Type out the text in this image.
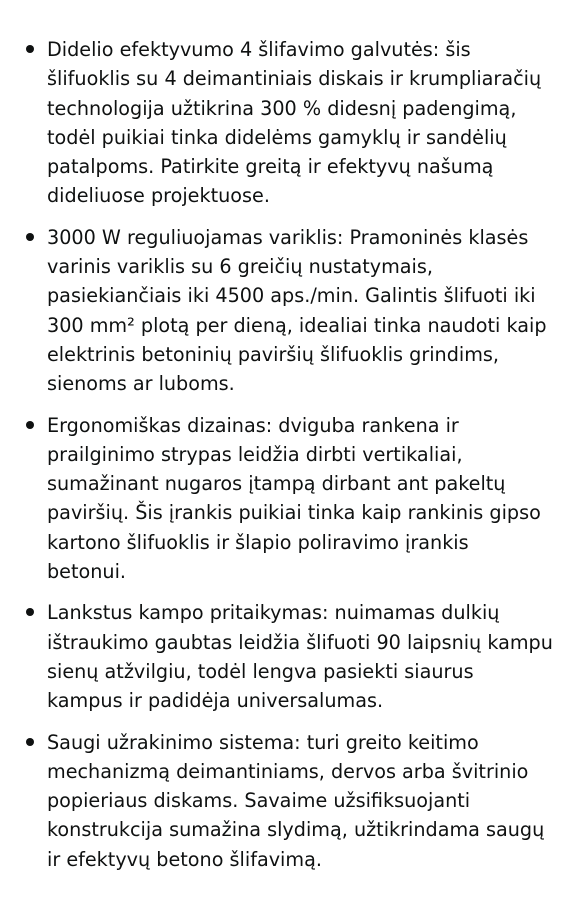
Didelio efektyvumo 4 šlifavimo galvutės: šis šlifuoklis su 4 deimantiniais diskais ir krumpliaračių technologija užtikrina 300 % didesnį padengimą, todėl puikiai tinka didelėms gamyklų ir sandėlių patalpoms. Patirkite greitą ir efektyvų našumą dideliuose projektuose.
3000 W reguliuojamas variklis: Pramoninės klasės varinis variklis su 6 greičių nustatymais, pasiekiančiais iki 4500 aps./min. Galintis šlifuoti iki 300 mm² plotą per dieną, idealiai tinka naudoti kaip elektrinis betoninių paviršių šlifuoklis grindims, sienoms ar luboms.
Ergonomiškas dizainas: dviguba rankena ir prailginimo strypas leidžia dirbti vertikaliai, sumažinant nugaros įtampą dirbant ant pakeltų paviršių. Šis įrankis puikiai tinka kaip rankinis gipso kartono šlifuoklis ir šlapio poliravimo įrankis betonui.
Lankstus kampo pritaikymas: nuimamas dulkių ištraukimo gaubtas leidžia šlifuoti 90 laipsnių kampu sienų atžvilgiu, todėl lengva pasiekti siaurus kampus ir padidėja universalumas.
Saugi užrakinimo sistema: turi greito keitimo mechanizmą deimantiniams, dervos arba švitrinio popieriaus diskams. Savaime užsifiksuojanti konstrukcija sumažina slydimą, užtikrindama saugų ir efektyvų betono šlifavimą.
